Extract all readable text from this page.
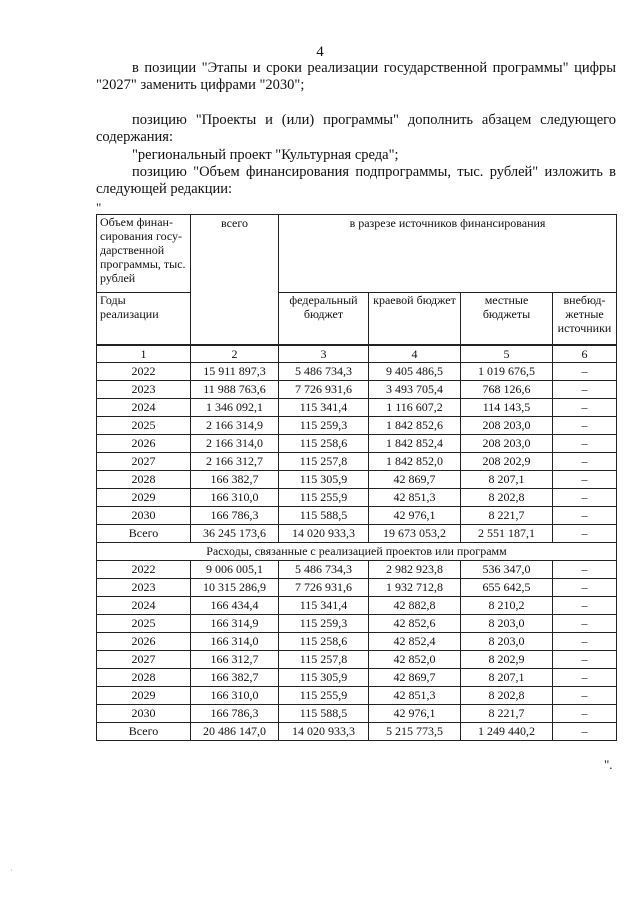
4

в позиции "Этапы и сроки реализации государственной программы" цифры "2027" заменить цифрами "2030";

позицию "Проекты и (или) программы" дополнить абзацем следующего содержания:

"региональный проект "Культурная среда";

позицию "Объем финансирования подпрограммы, тыс. рублей" изложить в следующей редакции:

"
Объем финан-сирования госу-дарственной программы, тыс. рублей	всего	в разрезе источников финансирования			
Годы реализации		федеральный бюджет	краевой бюджет	местные бюджеты	внебюд-жетные источники
1	2	3	4	5	6
2022	15 911 897,3	5 486 734,3	9 405 486,5	1 019 676,5	–
2023	11 988 763,6	7 726 931,6	3 493 705,4	768 126,6	–
2024	1 346 092,1	115 341,4	1 116 607,2	114 143,5	–
2025	2 166 314,9	115 259,3	1 842 852,6	208 203,0	–
2026	2 166 314,0	115 258,6	1 842 852,4	208 203,0	–
2027	2 166 312,7	115 257,8	1 842 852,0	208 202,9	–
2028	166 382,7	115 305,9	42 869,7	8 207,1	–
2029	166 310,0	115 255,9	42 851,3	8 202,8	–
2030	166 786,3	115 588,5	42 976,1	8 221,7	–
Всего	36 245 173,6	14 020 933,3	19 673 053,2	2 551 187,1	–
Расходы, связанные с реализацией проектов или программ					
2022	9 006 005,1	5 486 734,3	2 982 923,8	536 347,0	–
2023	10 315 286,9	7 726 931,6	1 932 712,8	655 642,5	–
2024	166 434,4	115 341,4	42 882,8	8 210,2	–
2025	166 314,9	115 259,3	42 852,6	8 203,0	–
2026	166 314,0	115 258,6	42 852,4	8 203,0	–
2027	166 312,7	115 257,8	42 852,0	8 202,9	–
2028	166 382,7	115 305,9	42 869,7	8 207,1	–
2029	166 310,0	115 255,9	42 851,3	8 202,8	–
2030	166 786,3	115 588,5	42 976,1	8 221,7	–
Всего	20 486 147,0	14 020 933,3	5 215 773,5	1 249 440,2	–
".
·
